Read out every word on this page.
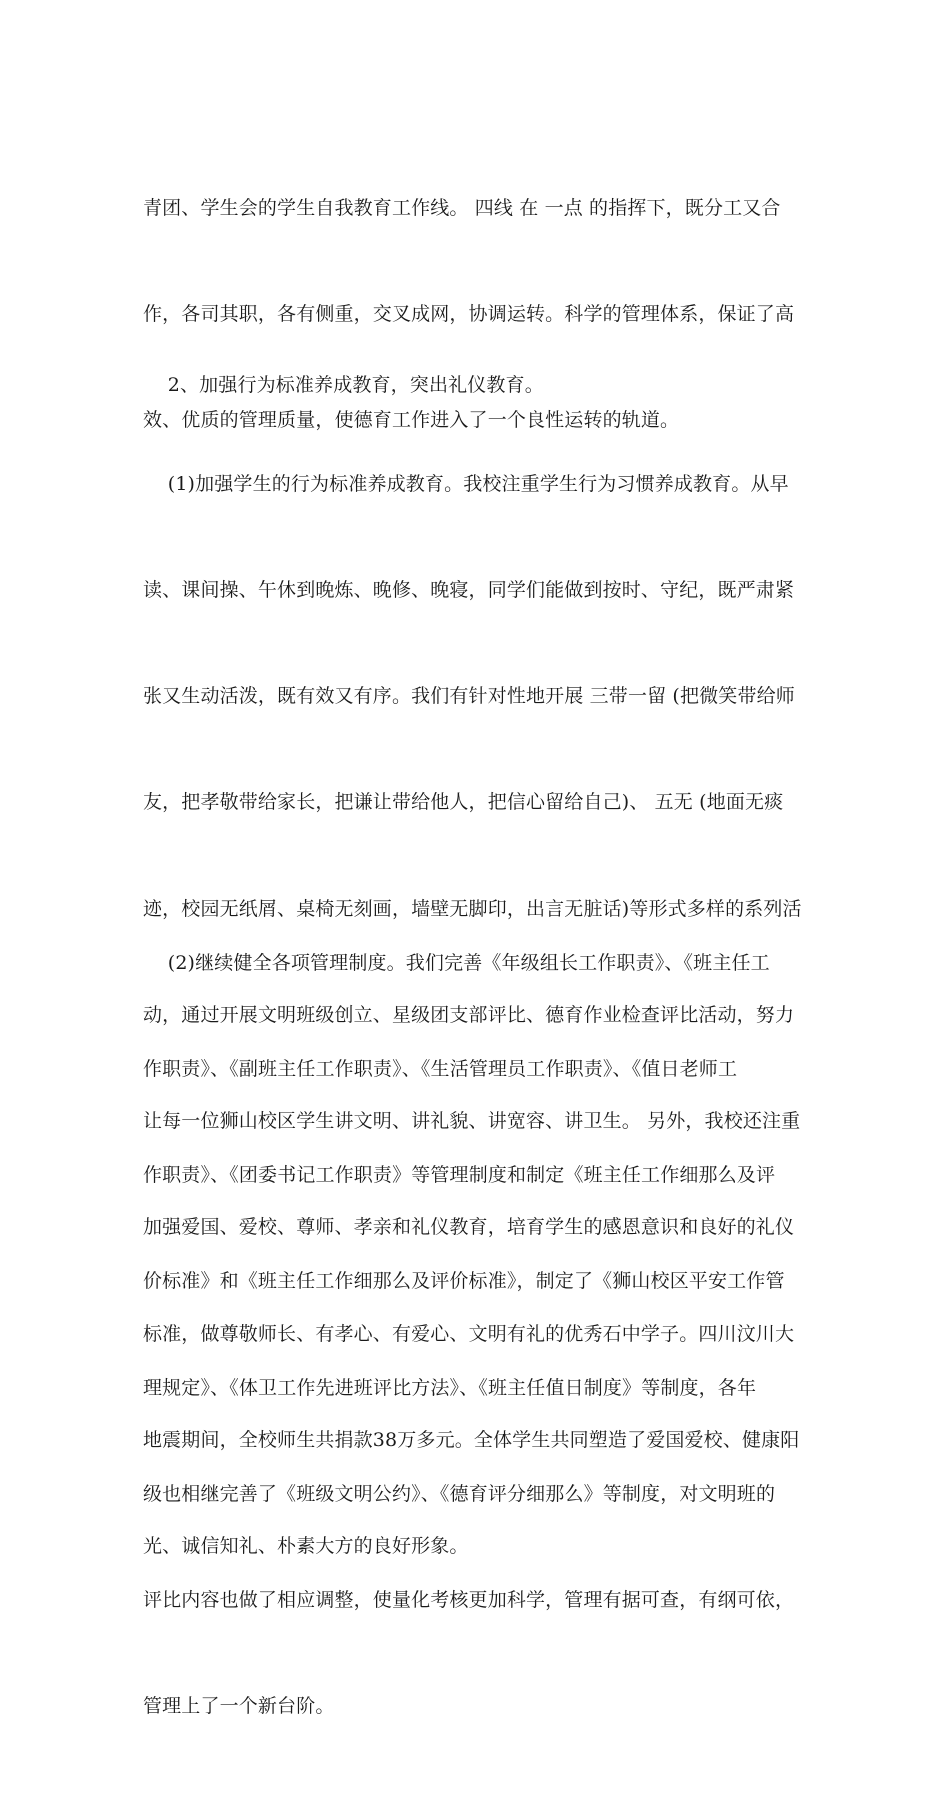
青团、学生会的学生自我教育工作线。 四线 在 一点 的指挥下，既分工又合

作，各司其职，各有侧重，交叉成网，协调运转。科学的管理体系，保证了高

效、优质的管理质量，使德育工作进入了一个良性运转的轨道。

2、加强行为标准养成教育，突出礼仪教育。

(1)加强学生的行为标准养成教育。我校注重学生行为习惯养成教育。从早

读、课间操、午休到晚炼、晚修、晚寝，同学们能做到按时、守纪，既严肃紧

张又生动活泼，既有效又有序。我们有针对性地开展 三带一留 (把微笑带给师

友，把孝敬带给家长，把谦让带给他人，把信心留给自己)、 五无 (地面无痰

迹，校园无纸屑、桌椅无刻画，墙壁无脚印，出言无脏话)等形式多样的系列活

动，通过开展文明班级创立、星级团支部评比、德育作业检查评比活动，努力

让每一位狮山校区学生讲文明、讲礼貌、讲宽容、讲卫生。 另外，我校还注重

加强爱国、爱校、尊师、孝亲和礼仪教育，培育学生的感恩意识和良好的礼仪

标准，做尊敬师长、有孝心、有爱心、文明有礼的优秀石中学子。四川汶川大

地震期间，全校师生共捐款38万多元。全体学生共同塑造了爱国爱校、健康阳

光、诚信知礼、朴素大方的良好形象。

(2)继续健全各项管理制度。我们完善《年级组长工作职责》、《班主任工

作职责》、《副班主任工作职责》、《生活管理员工作职责》、《值日老师工

作职责》、《团委书记工作职责》等管理制度和制定《班主任工作细那么及评

价标准》和《班主任工作细那么及评价标准》，制定了《狮山校区平安工作管

理规定》、《体卫工作先进班评比方法》、《班主任值日制度》等制度，各年

级也相继完善了《班级文明公约》、《德育评分细那么》等制度，对文明班的

评比内容也做了相应调整，使量化考核更加科学，管理有据可查，有纲可依，

管理上了一个新台阶。
